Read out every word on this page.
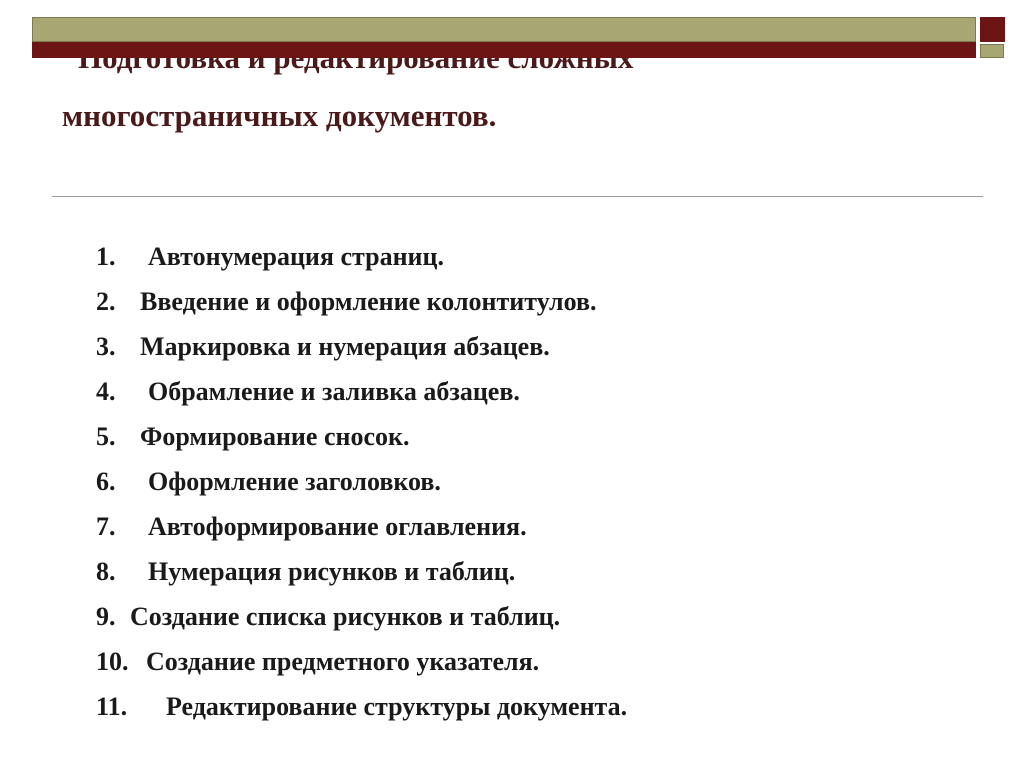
многостраничных документов.
1. Автонумерация страниц.
2. Введение и оформление колонтитулов.
3. Маркировка и нумерация абзацев.
4. Обрамление и заливка абзацев.
5. Формирование сносок.
6. Оформление заголовков.
7. Автоформирование оглавления.
8. Нумерация рисунков и таблиц.
9. Создание списка рисунков и таблиц.
10. Создание предметного указателя.
11. Редактирование структуры документа.
